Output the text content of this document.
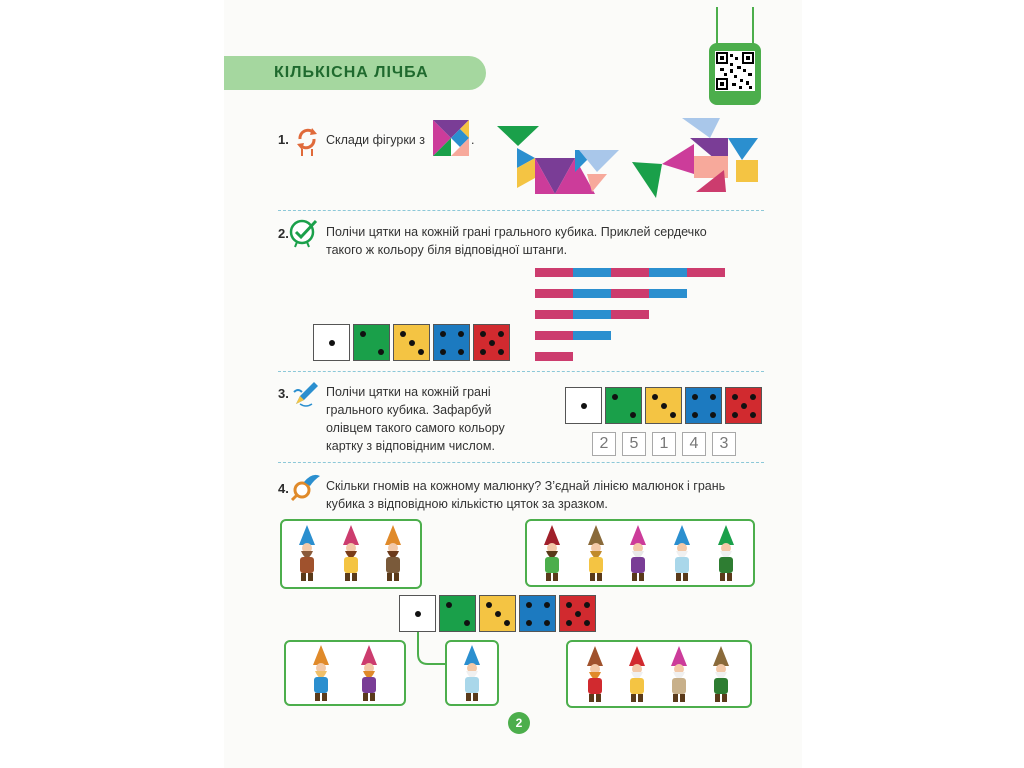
КІЛЬКІСНА ЛІЧБА
1.	Склади фігурки з	.
2.	Полічи цятки на кожній грані грального кубика. Приклей сердечко
такого ж кольору біля відповідної штанги.
3.	Полічи цятки на кожній грані
грального кубика. Зафарбуй
олівцем такого самого кольору
картку з відповідним числом.	2	5	1	4	3
4.	Скільки гномів на кожному малюнку? З’єднай лінією малюнок і грань
кубика з відповідною кількістю цяток за зразком.
2
